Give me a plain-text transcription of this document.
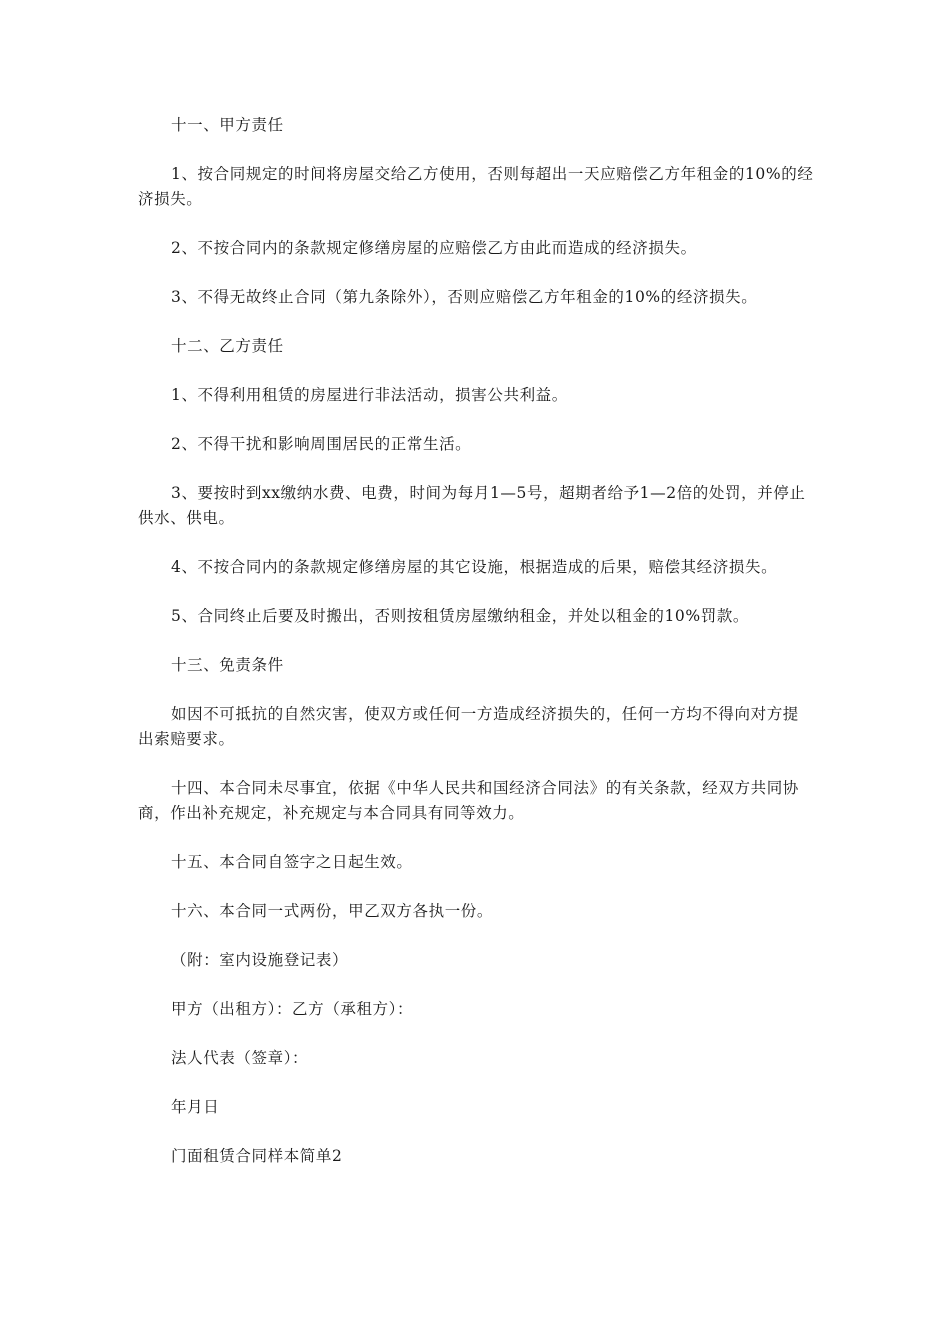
十一、甲方责任

1、按合同规定的时间将房屋交给乙方使用，否则每超出一天应赔偿乙方年租金的10%的经济损失。

2、不按合同内的条款规定修缮房屋的应赔偿乙方由此而造成的经济损失。

3、不得无故终止合同（第九条除外），否则应赔偿乙方年租金的10%的经济损失。

十二、乙方责任

1、不得利用租赁的房屋进行非法活动，损害公共利益。

2、不得干扰和影响周围居民的正常生活。

3、要按时到xx缴纳水费、电费，时间为每月1—5号，超期者给予1—2倍的处罚，并停止供水、供电。

4、不按合同内的条款规定修缮房屋的其它设施，根据造成的后果，赔偿其经济损失。

5、合同终止后要及时搬出，否则按租赁房屋缴纳租金，并处以租金的10%罚款。

十三、免责条件

如因不可抵抗的自然灾害，使双方或任何一方造成经济损失的，任何一方均不得向对方提出索赔要求。

十四、本合同未尽事宜，依据《中华人民共和国经济合同法》的有关条款，经双方共同协商，作出补充规定，补充规定与本合同具有同等效力。

十五、本合同自签字之日起生效。

十六、本合同一式两份，甲乙双方各执一份。

（附：室内设施登记表）

甲方（出租方）：乙方（承租方）：

法人代表（签章）：

年月日

门面租赁合同样本简单2
